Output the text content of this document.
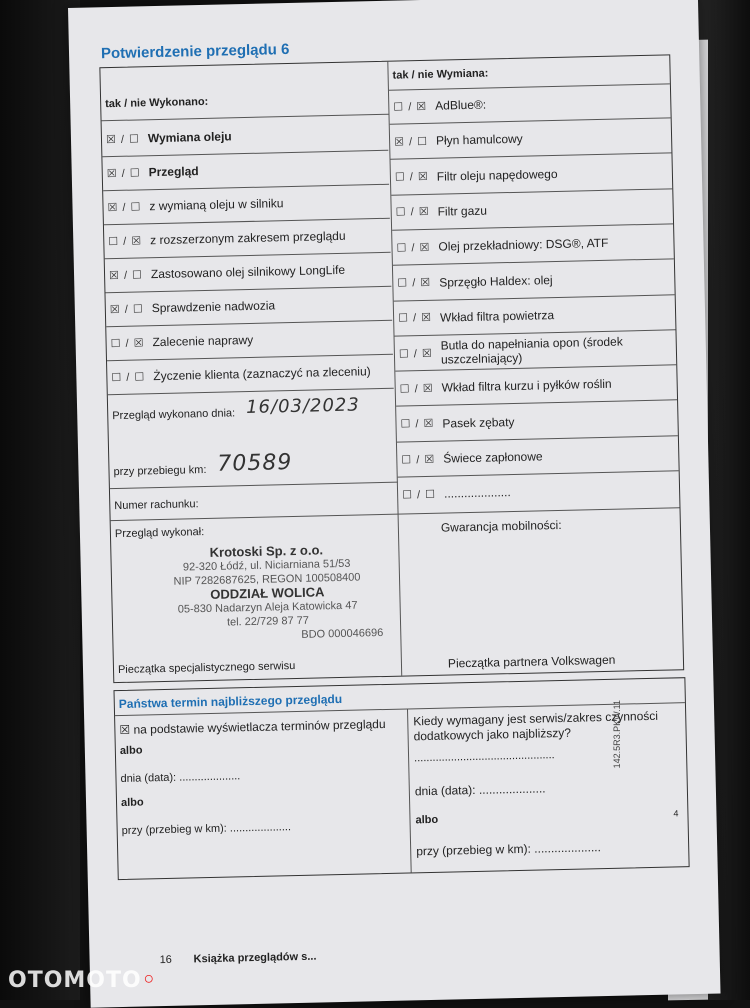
Potwierdzenie przeglądu 6
tak / nie Wykonano:
tak / nie Wymiana:
☒ / ☐ Wymiana oleju
☒ / ☐ Przegląd
☒ / ☐ z wymianą oleju w silniku
☐ / ☒ z rozszerzonym zakresem przeglądu
☒ / ☐ Zastosowano olej silnikowy LongLife
☒ / ☐ Sprawdzenie nadwozia
☐ / ☒ Zalecenie naprawy
☐ / ☐ Życzenie klienta (zaznaczyć na zleceniu)
☐ / ☒ AdBlue®:
☒ / ☐ Płyn hamulcowy
☐ / ☒ Filtr oleju napędowego
☐ / ☒ Filtr gazu
☐ / ☒ Olej przekładniowy: DSG®, ATF
☐ / ☒ Sprzęgło Haldex: olej
☐ / ☒ Wkład filtra powietrza
☐ / ☒
Butla do napełniania opon (środek uszczelniający)
☐ / ☒ Wkład filtra kurzu i pyłków roślin
☐ / ☒ Pasek zębaty
☐ / ☒ Świece zapłonowe
☐ / ☐ ....................
Przegląd wykonano dnia: 16/03/2023
przy przebiegu km: 70589
Numer rachunku:
Przegląd wykonał:	Gwarancja mobilności:
Krotoski Sp. z o.o.
92-320 Łódź, ul. Niciarniana 51/53
NIP 7282687625, REGON 100508400
ODDZIAŁ WOLICA
05-830 Nadarzyn Aleja Katowicka 47
tel. 22/729 87 77
BDO 000046696
Pieczątka specjalistycznego serwisu	Pieczątka partnera Volkswagen
Państwa termin najbliższego przeglądu
☒ na podstawie wyświetlacza terminów przeglądu
albo
dnia (data): ....................
albo
przy (przebieg w km): ....................
Kiedy wymagany jest serwis/zakres czynności dodatkowych jako najbliższy?
..............................................
dnia (data): ....................
albo
przy (przebieg w km): ....................
4
16 Książka przeglądów s...
142.5R3.PKW.11
OTOMOTO◦
